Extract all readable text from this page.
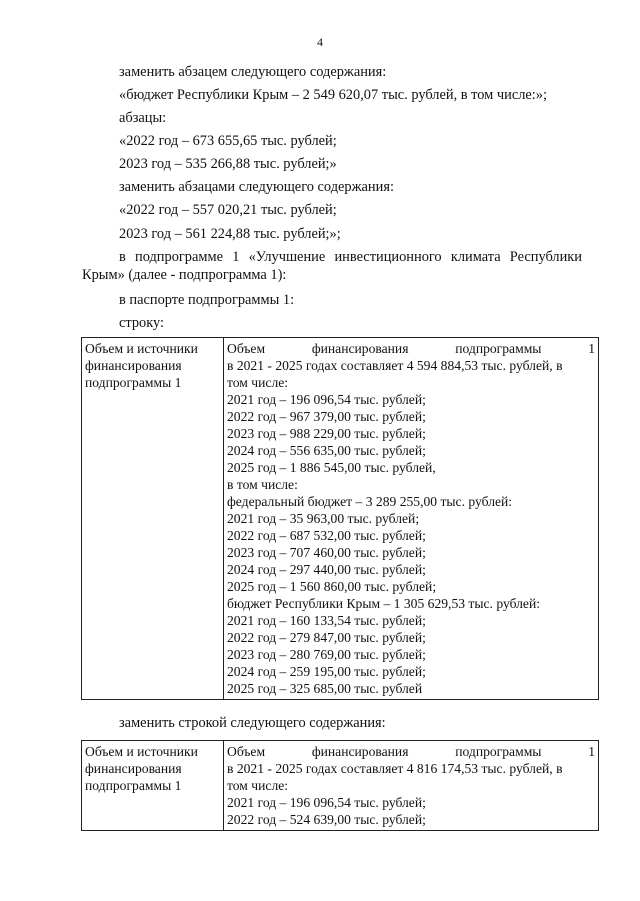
4
заменить абзацем следующего содержания:
«бюджет Республики Крым – 2 549 620,07 тыс. рублей, в том числе:»;
абзацы:
«2022 год – 673 655,65 тыс. рублей;
2023 год – 535 266,88 тыс. рублей;»
заменить абзацами следующего содержания:
«2022 год – 557 020,21 тыс. рублей;
2023 год – 561 224,88 тыс. рублей;»;
в подпрограмме 1 «Улучшение инвестиционного климата Республики Крым» (далее - подпрограмма 1):
в паспорте подпрограммы 1:
строку:
Объем и источники финансирования подпрограммы 1	
Объем	финансирования	подпрограммы	1
в 2021 - 2025 годах составляет 4 594 884,53 тыс. рублей, в
том числе:
2021 год – 196 096,54 тыс. рублей;
2022 год – 967 379,00 тыс. рублей;
2023 год – 988 229,00 тыс. рублей;
2024 год – 556 635,00 тыс. рублей;
2025 год – 1 886 545,00 тыс. рублей,
в том числе:
федеральный бюджет – 3 289 255,00 тыс. рублей:
2021 год – 35 963,00 тыс. рублей;
2022 год – 687 532,00 тыс. рублей;
2023 год – 707 460,00 тыс. рублей;
2024 год – 297 440,00 тыс. рублей;
2025 год – 1 560 860,00 тыс. рублей;
бюджет Республики Крым – 1 305 629,53 тыс. рублей:
2021 год – 160 133,54 тыс. рублей;
2022 год – 279 847,00 тыс. рублей;
2023 год – 280 769,00 тыс. рублей;
2024 год – 259 195,00 тыс. рублей;
2025 год – 325 685,00 тыс. рублей
заменить строкой следующего содержания:
Объем и источники финансирования подпрограммы 1	
Объем	финансирования	подпрограммы	1
в 2021 - 2025 годах составляет 4 816 174,53 тыс. рублей, в
том числе:
2021 год – 196 096,54 тыс. рублей;
2022 год – 524 639,00 тыс. рублей;
